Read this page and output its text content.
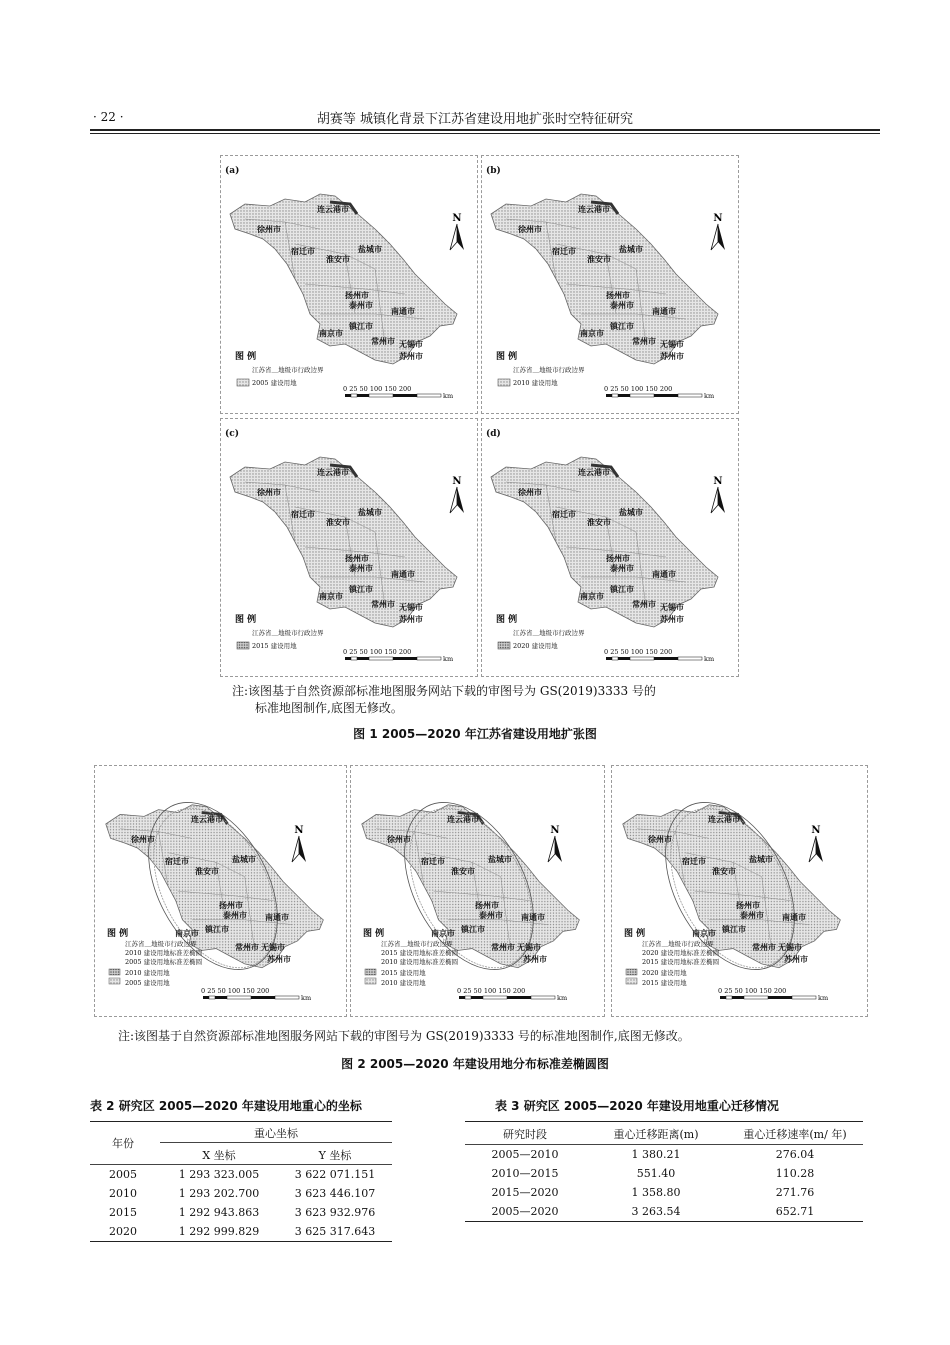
· 22 ·	胡赛等 城镇化背景下江苏省建设用地扩张时空特征研究
(a)
连云港市
徐州市
宿迁市	盐城市
淮安市
扬州市
泰州市
南通市
镇江市
南京市
常州市 无锡市
苏州市
图 例
江苏省＿地级市行政边界
2005 建设用地
0 25 50 100 150 200
km
(b)
连云港市
徐州市
宿迁市	盐城市
淮安市
扬州市
泰州市
南通市
镇江市
南京市
常州市 无锡市
苏州市
图 例
江苏省＿地级市行政边界
2010 建设用地
0 25 50 100 150 200
km
(c)
连云港市
徐州市
宿迁市	盐城市
淮安市
扬州市
泰州市
南通市
镇江市
南京市
常州市 无锡市
苏州市
图 例
江苏省＿地级市行政边界
2015 建设用地
0 25 50 100 150 200
km
(d)
连云港市
徐州市
宿迁市	盐城市
淮安市
扬州市
泰州市
南通市
镇江市
南京市
常州市 无锡市
苏州市
图 例
江苏省＿地级市行政边界
2020 建设用地
0 25 50 100 150 200
km
注:该图基于自然资源部标准地图服务网站下载的审图号为 GS(2019)3333 号的
标准地图制作,底图无修改。
图 1 2005—2020 年江苏省建设用地扩张图
连云港市
徐州市
宿迁市	盐城市
淮安市
扬州市
泰州市 南通市
镇江市
南京市
常州市 无锡市
苏州市
图 例
江苏省＿地级市行政边界
2010 建设用地标准差椭圆
2005 建设用地标准差椭圆
2010 建设用地
2005 建设用地
0 25 50 100 150 200
km
连云港市
徐州市
宿迁市	盐城市
淮安市
扬州市
泰州市 南通市
镇江市
南京市
常州市 无锡市
苏州市
图 例
江苏省＿地级市行政边界
2015 建设用地标准差椭圆
2010 建设用地标准差椭圆
2015 建设用地
2010 建设用地
0 25 50 100 150 200
km
连云港市
徐州市
宿迁市	盐城市
淮安市
扬州市
泰州市 南通市
镇江市
南京市
常州市 无锡市
苏州市
图 例
江苏省＿地级市行政边界
2020 建设用地标准差椭圆
2015 建设用地标准差椭圆
2020 建设用地
2015 建设用地
0 25 50 100 150 200
km
注:该图基于自然资源部标准地图服务网站下载的审图号为 GS(2019)3333 号的标准地图制作,底图无修改。
图 2 2005—2020 年建设用地分布标准差椭圆图
表 2 研究区 2005—2020 年建设用地重心的坐标
年份
重心坐标
X 坐标	Y 坐标
2005	1 293 323.005	3 622 071.151
2010	1 293 202.700	3 623 446.107
2015	1 292 943.863	3 623 932.976
2020	1 292 999.829	3 625 317.643
表 3 研究区 2005—2020 年建设用地重心迁移情况
研究时段	重心迁移距离(m)	重心迁移速率(m/ 年)
2005—2010	1 380.21	276.04
2010—2015	551.40	110.28
2015—2020	1 358.80	271.76
2005—2020	3 263.54	652.71
